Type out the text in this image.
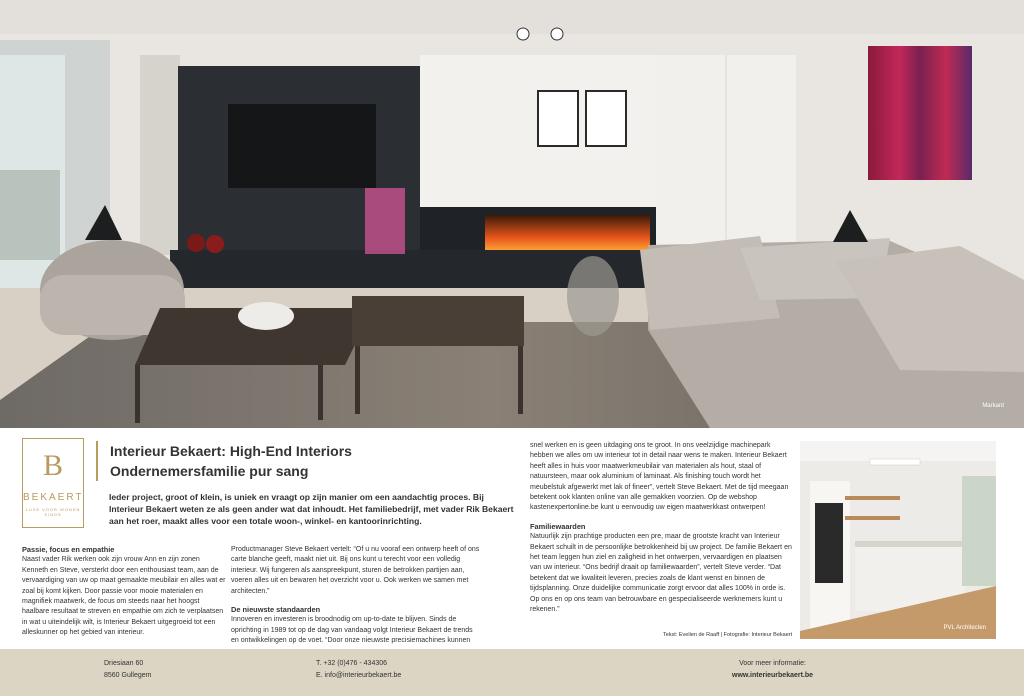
Markant
B
BEKAERT
LUXE VOOR WONEN SINDS
Interieur Bekaert: High-End Interiors
Ondernemersfamilie pur sang

Ieder project, groot of klein, is uniek en vraagt op zijn manier om een aandachtig proces. Bij Interieur Bekaert weten ze als geen ander wat dat inhoudt. Het familiebedrijf, met vader Rik Bekaert aan het roer, maakt alles voor een totale woon-, winkel- en kantoorinrichting.

Passie, focus en empathie

Naast vader Rik werken ook zijn vrouw Ann en zijn zonen Kenneth en Steve, versterkt door een enthousiast team, aan de vervaardiging van uw op maat gemaakte meubilair en alles wat er zoal bij komt kijken. Door passie voor mooie materialen en magnifiek maatwerk, de focus om steeds naar het hoogst haalbare resultaat te streven en empathie om zich te verplaatsen in wat u uiteindelijk wilt, is Interieur Bekaert uitgegroeid tot een alleskunner op het gebied van interieur.

Productmanager Steve Bekaert vertelt: “Of u nu vooraf een ontwerp heeft of ons carte blanche geeft, maakt niet uit. Bij ons kunt u terecht voor een volledig interieur. Wij fungeren als aanspreekpunt, sturen de betrokken partijen aan, voeren alles uit en bewaren het overzicht voor u. Ook werken we samen met architecten.”

De nieuwste standaarden

Innoveren en investeren is broodnodig om up-to-date te blijven. Sinds de oprichting in 1989 tot op de dag van vandaag volgt Interieur Bekaert de trends en ontwikkelingen op de voet. “Door onze nieuwste precisiemachines kunnen

snel werken en is geen uitdaging ons te groot. In ons veelzijdige machinepark hebben we alles om uw interieur tot in detail naar wens te maken. Interieur Bekaert heeft alles in huis voor maatwerkmeubilair van materialen als hout, staal of natuursteen, maar ook aluminium of laminaat. Als finishing touch wordt het meubelstuk afgewerkt met lak of fineer”, vertelt Steve Bekaert. Met de tijd meegaan betekent ook klanten online van alle gemakken voorzien. Op de webshop kastenexpertonline.be kunt u eenvoudig uw eigen maatwerkkast ontwerpen!

Familiewaarden

Natuurlijk zijn prachtige producten een pre, maar de grootste kracht van Interieur Bekaert schuilt in de persoonlijke betrokkenheid bij uw project. De familie Bekaert en het team leggen hun ziel en zaligheid in het ontwerpen, vervaardigen en plaatsen van uw interieur. “Ons bedrijf draait op familiewaarden”, vertelt Steve verder. “Dat betekent dat we kwaliteit leveren, precies zoals de klant wenst en binnen de tijdsplanning. Onze duidelijke communicatie zorgt ervoor dat alles 100% in orde is. Op ons en op ons team van betrouwbare en gespecialiseerde werknemers kunt u rekenen.”

PVL Architecten
Tekst: Evelien de Raaff | Fotografie: Interieur Bekaert
Driesiaan 60
8560 Gullegem
T. +32 (0)476 - 434306
E. info@interieurbekaert.be
Voor meer informatie:
www.interieurbekaert.be
